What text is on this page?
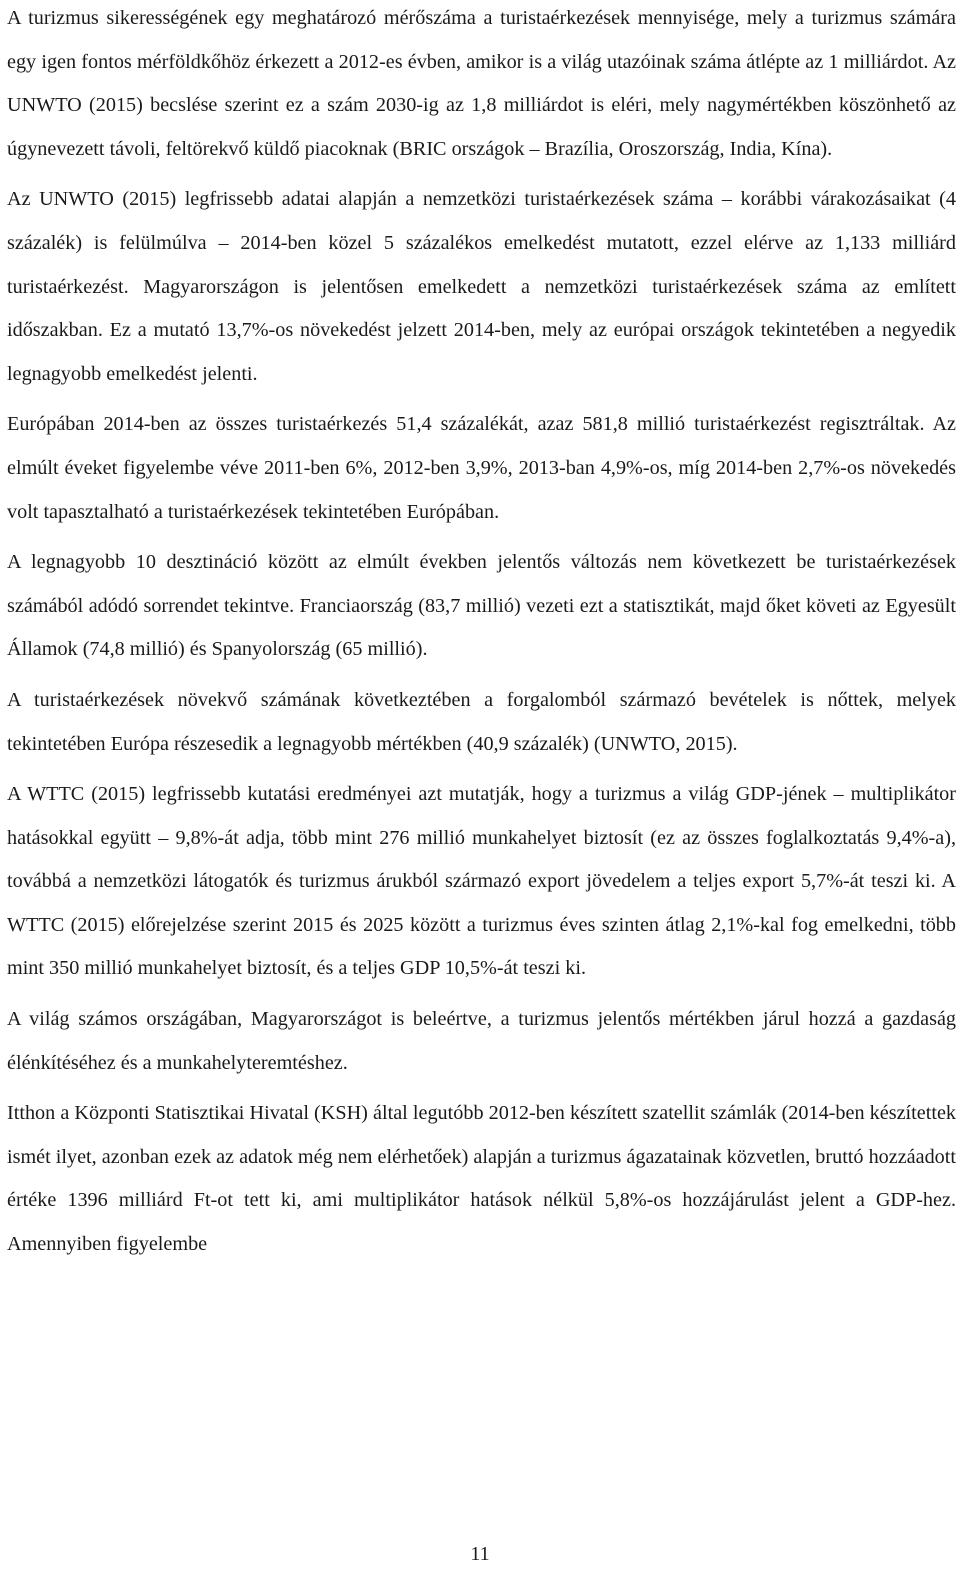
A turizmus sikerességének egy meghatározó mérőszáma a turistaérkezések mennyisége, mely a turizmus számára egy igen fontos mérföldkőhöz érkezett a 2012-es évben, amikor is a világ utazóinak száma átlépte az 1 milliárdot. Az UNWTO (2015) becslése szerint ez a szám 2030-ig az 1,8 milliárdot is eléri, mely nagymértékben köszönhető az úgynevezett távoli, feltörekvő küldő piacoknak (BRIC országok – Brazília, Oroszország, India, Kína).

Az UNWTO (2015) legfrissebb adatai alapján a nemzetközi turistaérkezések száma – korábbi várakozásaikat (4 százalék) is felülmúlva – 2014-ben közel 5 százalékos emelkedést mutatott, ezzel elérve az 1,133 milliárd turistaérkezést. Magyarországon is jelentősen emelkedett a nemzetközi turistaérkezések száma az említett időszakban. Ez a mutató 13,7%-os növekedést jelzett 2014-ben, mely az európai országok tekintetében a negyedik legnagyobb emelkedést jelenti.

Európában 2014-ben az összes turistaérkezés 51,4 százalékát, azaz 581,8 millió turistaérkezést regisztráltak. Az elmúlt éveket figyelembe véve 2011-ben 6%, 2012-ben 3,9%, 2013-ban 4,9%-os, míg 2014-ben 2,7%-os növekedés volt tapasztalható a turistaérkezések tekintetében Európában.

A legnagyobb 10 desztináció között az elmúlt években jelentős változás nem következett be turistaérkezések számából adódó sorrendet tekintve. Franciaország (83,7 millió) vezeti ezt a statisztikát, majd őket követi az Egyesült Államok (74,8 millió) és Spanyolország (65 millió).

A turistaérkezések növekvő számának következtében a forgalomból származó bevételek is nőttek, melyek tekintetében Európa részesedik a legnagyobb mértékben (40,9 százalék) (UNWTO, 2015).

A WTTC (2015) legfrissebb kutatási eredményei azt mutatják, hogy a turizmus a világ GDP-jének – multiplikátor hatásokkal együtt – 9,8%-át adja, több mint 276 millió munkahelyet biztosít (ez az összes foglalkoztatás 9,4%-a), továbbá a nemzetközi látogatók és turizmus árukból származó export jövedelem a teljes export 5,7%-át teszi ki. A WTTC (2015) előrejelzése szerint 2015 és 2025 között a turizmus éves szinten átlag 2,1%-kal fog emelkedni, több mint 350 millió munkahelyet biztosít, és a teljes GDP 10,5%-át teszi ki.

A világ számos országában, Magyarországot is beleértve, a turizmus jelentős mértékben járul hozzá a gazdaság élénkítéséhez és a munkahelyteremtéshez.

Itthon a Központi Statisztikai Hivatal (KSH) által legutóbb 2012-ben készített szatellit számlák (2014-ben készítettek ismét ilyet, azonban ezek az adatok még nem elérhetőek) alapján a turizmus ágazatainak közvetlen, bruttó hozzáadott értéke 1396 milliárd Ft-ot tett ki, ami multiplikátor hatások nélkül 5,8%-os hozzájárulást jelent a GDP-hez. Amennyiben figyelembe

11
